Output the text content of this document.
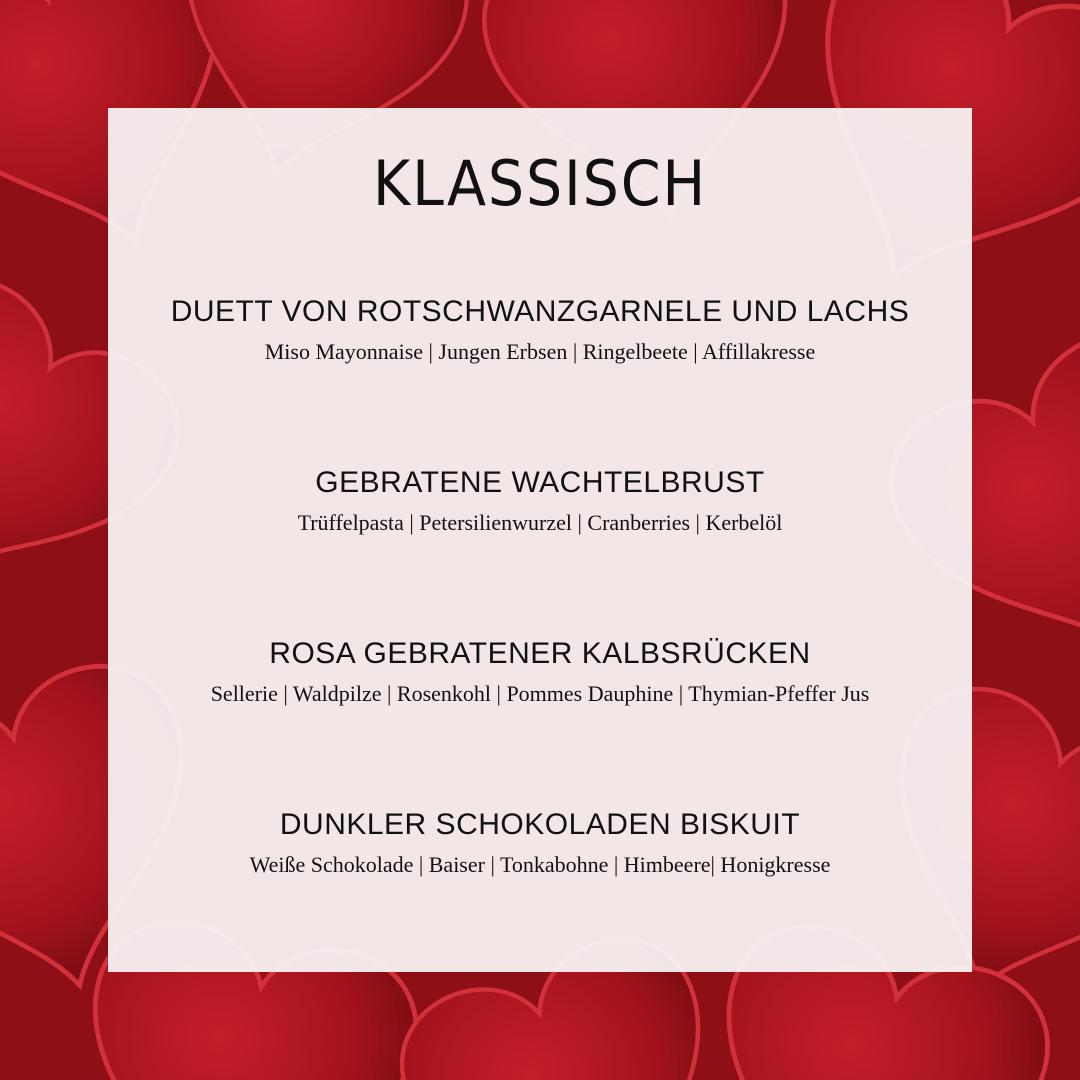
KLASSISCH
DUETT VON ROTSCHWANZGARNELE UND LACHS
Miso Mayonnaise | Jungen Erbsen | Ringelbeete | Affillakresse
GEBRATENE WACHTELBRUST
Trüffelpasta | Petersilienwurzel | Cranberries | Kerbelöl
ROSA GEBRATENER KALBSRÜCKEN
Sellerie | Waldpilze | Rosenkohl | Pommes Dauphine | Thymian-Pfeffer Jus
DUNKLER SCHOKOLADEN BISKUIT
Weiße Schokolade | Baiser | Tonkabohne | Himbeere| Honigkresse
